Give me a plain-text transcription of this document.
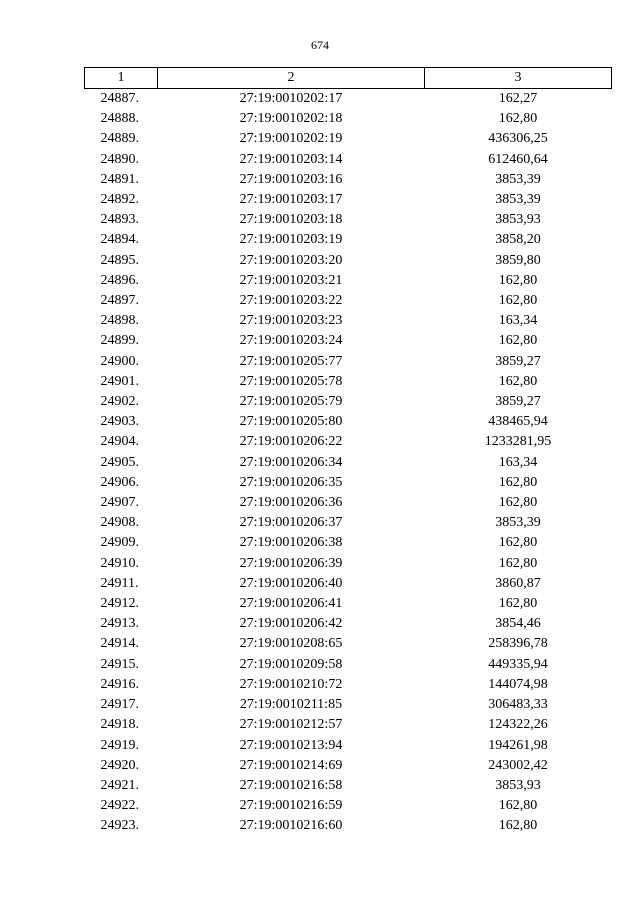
674
1	2	3
24887.	27:19:0010202:17	162,27
24888.	27:19:0010202:18	162,80
24889.	27:19:0010202:19	436306,25
24890.	27:19:0010203:14	612460,64
24891.	27:19:0010203:16	3853,39
24892.	27:19:0010203:17	3853,39
24893.	27:19:0010203:18	3853,93
24894.	27:19:0010203:19	3858,20
24895.	27:19:0010203:20	3859,80
24896.	27:19:0010203:21	162,80
24897.	27:19:0010203:22	162,80
24898.	27:19:0010203:23	163,34
24899.	27:19:0010203:24	162,80
24900.	27:19:0010205:77	3859,27
24901.	27:19:0010205:78	162,80
24902.	27:19:0010205:79	3859,27
24903.	27:19:0010205:80	438465,94
24904.	27:19:0010206:22	1233281,95
24905.	27:19:0010206:34	163,34
24906.	27:19:0010206:35	162,80
24907.	27:19:0010206:36	162,80
24908.	27:19:0010206:37	3853,39
24909.	27:19:0010206:38	162,80
24910.	27:19:0010206:39	162,80
24911.	27:19:0010206:40	3860,87
24912.	27:19:0010206:41	162,80
24913.	27:19:0010206:42	3854,46
24914.	27:19:0010208:65	258396,78
24915.	27:19:0010209:58	449335,94
24916.	27:19:0010210:72	144074,98
24917.	27:19:0010211:85	306483,33
24918.	27:19:0010212:57	124322,26
24919.	27:19:0010213:94	194261,98
24920.	27:19:0010214:69	243002,42
24921.	27:19:0010216:58	3853,93
24922.	27:19:0010216:59	162,80
24923.	27:19:0010216:60	162,80
